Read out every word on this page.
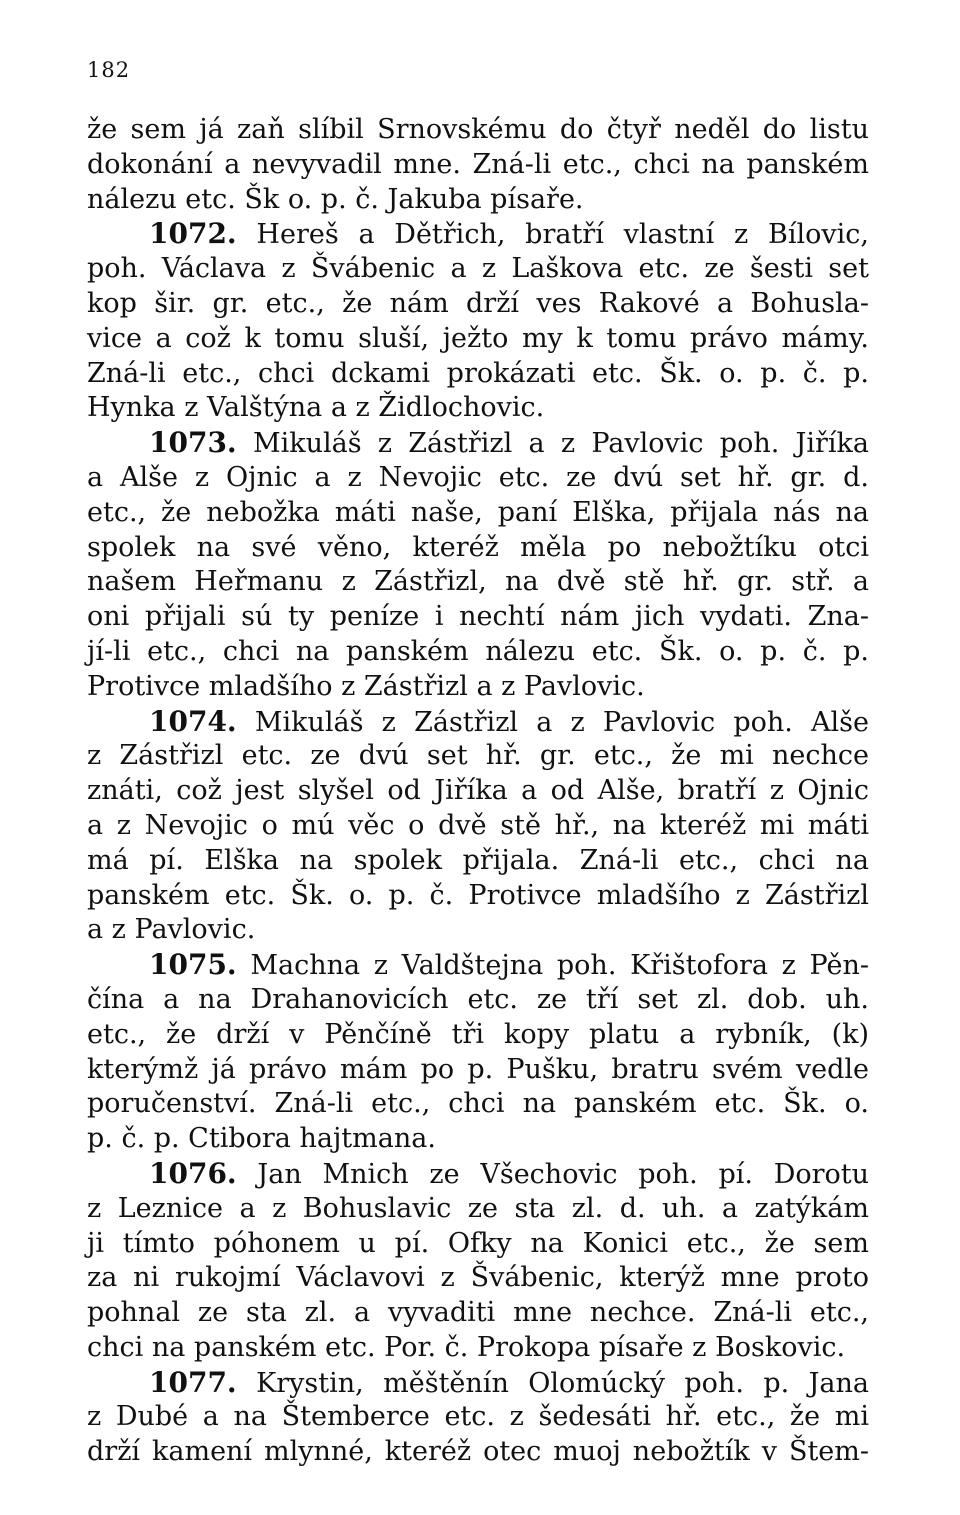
182
že sem já zaň slíbil Srnovskému do čtyř neděl do listu
dokonání a nevyvadil mne. Zná-li etc., chci na panském
nálezu etc. Šk o. p. č. Jakuba písaře.
1072. Hereš a Dětřich, bratří vlastní z Bílovic,
poh. Václava z Švábenic a z Laškova etc. ze šesti set
kop šir. gr. etc., že nám drží ves Rakové a Bohusla-
vice a což k tomu sluší, ježto my k tomu právo mámy.
Zná-li etc., chci dckami prokázati etc. Šk. o. p. č. p.
Hynka z Valštýna a z Židlochovic.
1073. Mikuláš z Zástřizl a z Pavlovic poh. Jiříka
a Alše z Ojnic a z Nevojic etc. ze dvú set hř. gr. d.
etc., že nebožka máti naše, paní Elška, přijala nás na
spolek na své věno, kteréž měla po nebožtíku otci
našem Heřmanu z Zástřizl, na dvě stě hř. gr. stř. a
oni přijali sú ty peníze i nechtí nám jich vydati. Zna-
jí-li etc., chci na panském nálezu etc. Šk. o. p. č. p.
Protivce mladšího z Zástřizl a z Pavlovic.
1074. Mikuláš z Zástřizl a z Pavlovic poh. Alše
z Zástřizl etc. ze dvú set hř. gr. etc., že mi nechce
znáti, což jest slyšel od Jiříka a od Alše, bratří z Ojnic
a z Nevojic o mú věc o dvě stě hř., na kteréž mi máti
má pí. Elška na spolek přijala. Zná-li etc., chci na
panském etc. Šk. o. p. č. Protivce mladšího z Zástřizl
a z Pavlovic.
1075. Machna z Valdštejna poh. Křištofora z Pěn-
čína a na Drahanovicích etc. ze tří set zl. dob. uh.
etc., že drží v Pěnčíně tři kopy platu a rybník, (k)
kterýmž já právo mám po p. Pušku, bratru svém vedle
poručenství. Zná-li etc., chci na panském etc. Šk. o.
p. č. p. Ctibora hajtmana.
1076. Jan Mnich ze Všechovic poh. pí. Dorotu
z Leznice a z Bohuslavic ze sta zl. d. uh. a zatýkám
ji tímto póhonem u pí. Ofky na Konici etc., že sem
za ni rukojmí Václavovi z Švábenic, kterýž mne proto
pohnal ze sta zl. a vyvaditi mne nechce. Zná-li etc.,
chci na panském etc. Por. č. Prokopa písaře z Boskovic.
1077. Krystin, měštěnín Olomúcký poh. p. Jana
z Dubé a na Štemberce etc. z šedesáti hř. etc., že mi
drží kamení mlynné, kteréž otec muoj nebožtík v Štem-
